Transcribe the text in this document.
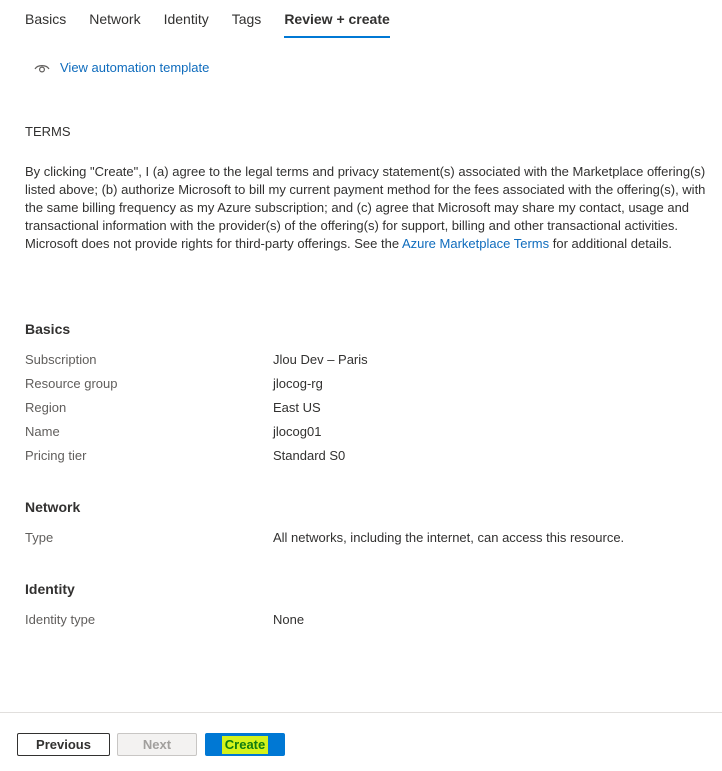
Basics Network Identity Tags Review + create
View automation template
TERMS
By clicking "Create", I (a) agree to the legal terms and privacy statement(s) associated with the Marketplace offering(s) listed above; (b) authorize Microsoft to bill my current payment method for the fees associated with the offering(s), with the same billing frequency as my Azure subscription; and (c) agree that Microsoft may share my contact, usage and transactional information with the provider(s) of the offering(s) for support, billing and other transactional activities. Microsoft does not provide rights for third-party offerings. See the Azure Marketplace Terms for additional details.
Basics
Subscription	Jlou Dev – Paris
Resource group	jlocog-rg
Region	East US
Name	jlocog01
Pricing tier	Standard S0
Network
Type	All networks, including the internet, can access this resource.
Identity
Identity type	None
Previous	Next	Create
